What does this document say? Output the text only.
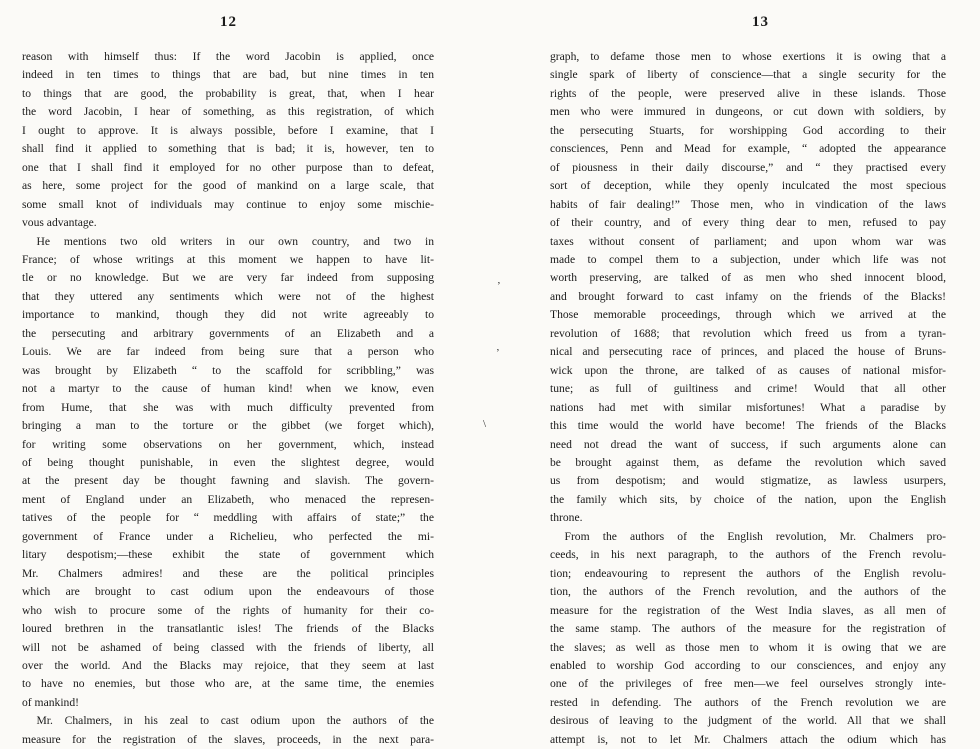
12
reason with himself thus: If the word Jacobin is applied, once
indeed in ten times to things that are bad, but nine times in ten
to things that are good, the probability is great, that, when I hear
the word Jacobin, I hear of something, as this registration, of which
I ought to approve. It is always possible, before I examine, that I
shall find it applied to something that is bad; it is, however, ten to
one that I shall find it employed for no other purpose than to defeat,
as here, some project for the good of mankind on a large scale, that
some small knot of individuals may continue to enjoy some mischie-
vous advantage.
He mentions two old writers in our own country, and two in
France; of whose writings at this moment we happen to have lit-
tle or no knowledge. But we are very far indeed from supposing
that they uttered any sentiments which were not of the highest
importance to mankind, though they did not write agreeably to
the persecuting and arbitrary governments of an Elizabeth and a
Louis. We are far indeed from being sure that a person who
was brought by Elizabeth “ to the scaffold for scribbling,” was
not a martyr to the cause of human kind! when we know, even
from Hume, that she was with much difficulty prevented from
bringing a man to the torture or the gibbet (we forget which),
for writing some observations on her government, which, instead
of being thought punishable, in even the slightest degree, would
at the present day be thought fawning and slavish. The govern-
ment of England under an Elizabeth, who menaced the represen-
tatives of the people for “ meddling with affairs of state;” the
government of France under a Richelieu, who perfected the mi-
litary despotism;—these exhibit the state of government which
Mr. Chalmers admires! and these are the political principles
which are brought to cast odium upon the endeavours of those
who wish to procure some of the rights of humanity for their co-
loured brethren in the transatlantic isles! The friends of the Blacks
will not be ashamed of being classed with the friends of liberty, all
over the world. And the Blacks may rejoice, that they seem at last
to have no enemies, but those who are, at the same time, the enemies
of mankind!
Mr. Chalmers, in his zeal to cast odium upon the authors of the
measure for the registration of the slaves, proceeds, in the next para-
13
graph, to defame those men to whose exertions it is owing that a
single spark of liberty of conscience—that a single security for the
rights of the people, were preserved alive in these islands. Those
men who were immured in dungeons, or cut down with soldiers, by
the persecuting Stuarts, for worshipping God according to their
consciences, Penn and Mead for example, “ adopted the appearance
of piousness in their daily discourse,” and “ they practised every
sort of deception, while they openly inculcated the most specious
habits of fair dealing!” Those men, who in vindication of the laws
of their country, and of every thing dear to men, refused to pay
taxes without consent of parliament; and upon whom war was
made to compel them to a subjection, under which life was not
worth preserving, are talked of as men who shed innocent blood,
and brought forward to cast infamy on the friends of the Blacks!
Those memorable proceedings, through which we arrived at the
revolution of 1688; that revolution which freed us from a tyran-
nical and persecuting race of princes, and placed the house of Bruns-
wick upon the throne, are talked of as causes of national misfor-
tune; as full of guiltiness and crime! Would that all other
nations had met with similar misfortunes! What a paradise by
this time would the world have become! The friends of the Blacks
need not dread the want of success, if such arguments alone can
be brought against them, as defame the revolution which saved
us from despotism; and would stigmatize, as lawless usurpers,
the family which sits, by choice of the nation, upon the English
throne.
From the authors of the English revolution, Mr. Chalmers pro-
ceeds, in his next paragraph, to the authors of the French revolu-
tion; endeavouring to represent the authors of the English revolu-
tion, the authors of the French revolution, and the authors of the
measure for the registration of the West India slaves, as all men of
the same stamp. The authors of the measure for the registration of
the slaves; as well as those men to whom it is owing that we are
enabled to worship God according to our consciences, and enjoy any
one of the privileges of free men—we feel ourselves strongly inte-
rested in defending. The authors of the French revolution we are
desirous of leaving to the judgment of the world. All that we shall
attempt is, not to let Mr. Chalmers attach the odium which has
’
’
\
